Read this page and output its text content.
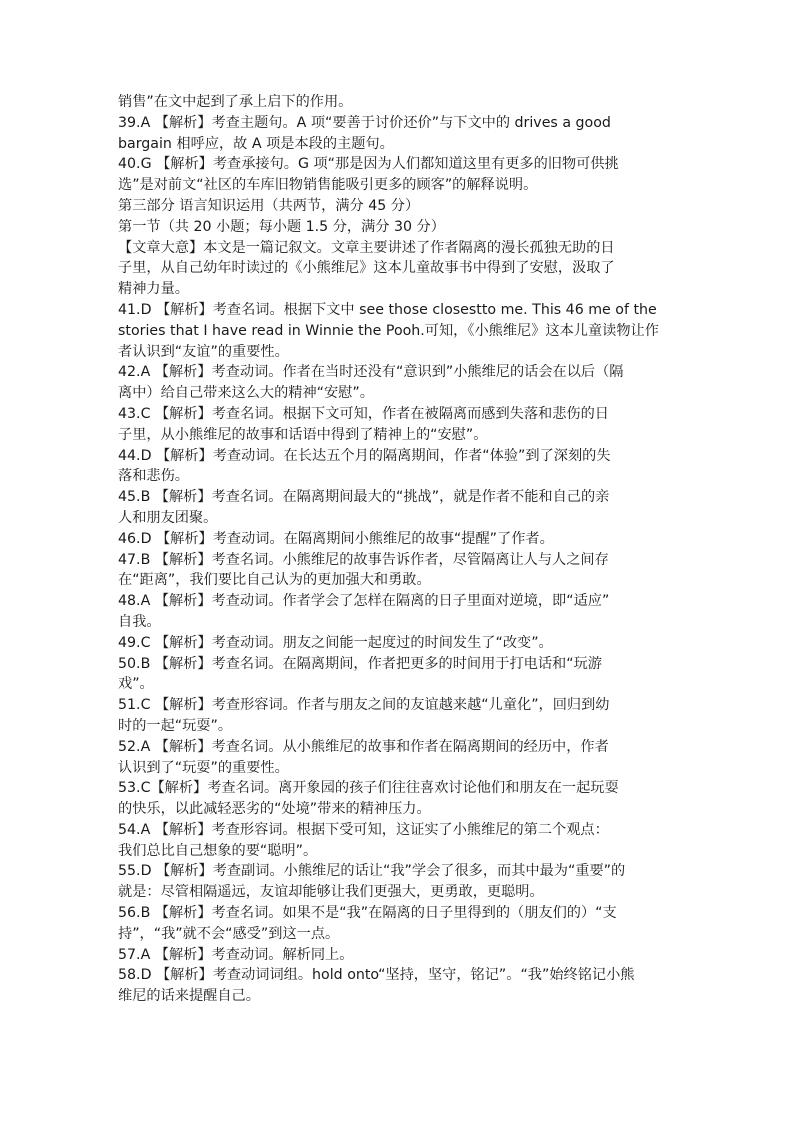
销售”在文中起到了承上启下的作用。
39.A 【解析】考查主题句。A 项“要善于讨价还价”与下文中的 drives a good
bargain 相呼应，故 A 项是本段的主题句。
40.G 【解析】考查承接句。G 项“那是因为人们都知道这里有更多的旧物可供挑
选”是对前文“社区的车库旧物销售能吸引更多的顾客”的解释说明。
第三部分 语言知识运用（共两节，满分 45 分）
第一节（共 20 小题；每小题 1.5 分，满分 30 分）
【文章大意】本文是一篇记叙文。文章主要讲述了作者隔离的漫长孤独无助的日
子里，从自己幼年时读过的《小熊维尼》这本儿童故事书中得到了安慰，汲取了
精神力量。
41.D 【解析】考查名词。根据下文中 see those closestto me. This 46 me of the
stories that I have read in Winnie the Pooh.可知，《小熊维尼》这本儿童读物让作
者认识到“友谊”的重要性。
42.A 【解析】考查动词。作者在当时还没有“意识到”小熊维尼的话会在以后（隔
离中）给自己带来这么大的精神“安慰”。
43.C 【解析】考查名词。根据下文可知，作者在被隔离而感到失落和悲伤的日
子里，从小熊维尼的故事和话语中得到了精神上的“安慰”。
44.D 【解析】考查动词。在长达五个月的隔离期间，作者“体验”到了深刻的失
落和悲伤。
45.B 【解析】考查名词。在隔离期间最大的“挑战”，就是作者不能和自己的亲
人和朋友团聚。
46.D 【解析】考查动词。在隔离期间小熊维尼的故事“提醒”了作者。
47.B 【解析】考查名词。小熊维尼的故事告诉作者，尽管隔离让人与人之间存
在“距离”，我们要比自己认为的更加强大和勇敢。
48.A 【解析】考查动词。作者学会了怎样在隔离的日子里面对逆境，即“适应”
自我。
49.C 【解析】考查动词。朋友之间能一起度过的时间发生了“改变”。
50.B 【解析】考查名词。在隔离期间，作者把更多的时间用于打电话和“玩游
戏”。
51.C 【解析】考查形容词。作者与朋友之间的友谊越来越“儿童化”，回归到幼
时的一起“玩耍”。
52.A 【解析】考查名词。从小熊维尼的故事和作者在隔离期间的经历中，作者
认识到了“玩耍”的重要性。
53.C【解析】考查名词。离开象园的孩子们往往喜欢讨论他们和朋友在一起玩耍
的快乐，以此减轻恶劣的“处境”带来的精神压力。
54.A 【解析】考查形容词。根据下受可知，这证实了小熊维尼的第二个观点：
我们总比自己想象的要“聪明”。
55.D 【解析】考查副词。小熊维尼的话让“我”学会了很多，而其中最为“重要”的
就是：尽管相隔遥远，友谊却能够让我们更强大，更勇敢，更聪明。
56.B 【解析】考查名词。如果不是“我”在隔离的日子里得到的（朋友们的）“支
持”，“我”就不会“感受”到这一点。
57.A 【解析】考查动词。解析同上。
58.D 【解析】考查动词词组。hold onto“坚持，坚守，铭记”。“我”始终铭记小熊
维尼的话来提醒自己。
